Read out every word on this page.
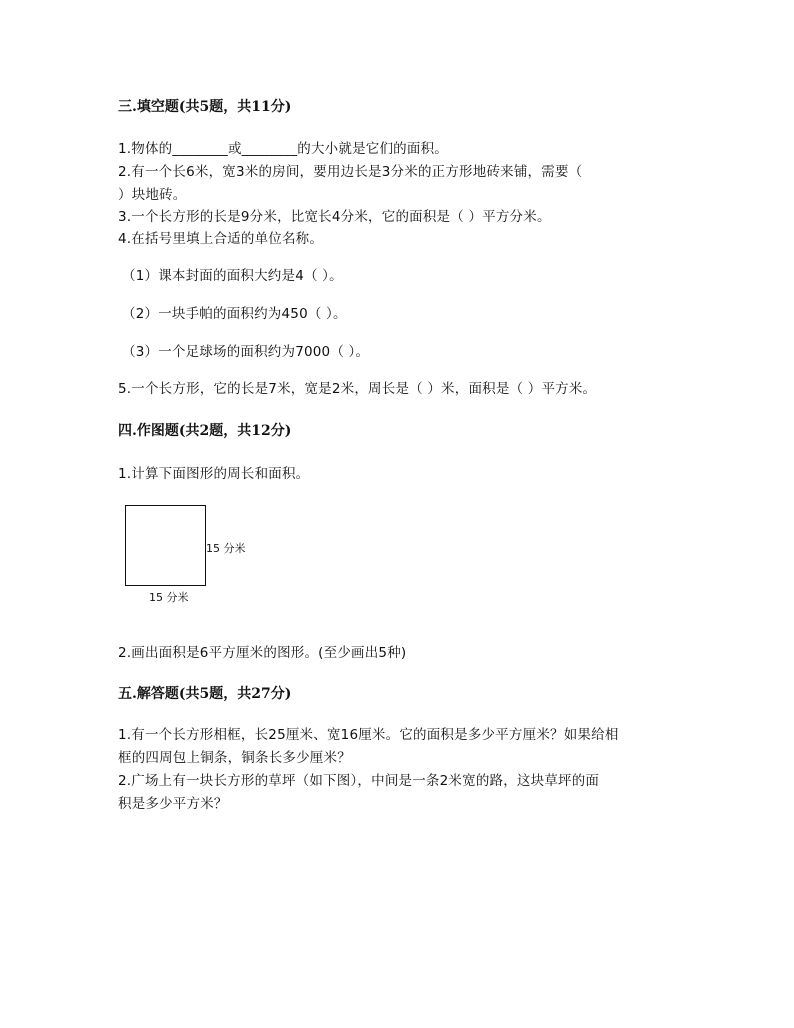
三.填空题(共5题，共11分)
1.物体的________或________的大小就是它们的面积。
2.有一个长6米，宽3米的房间，要用边长是3分米的正方形地砖来铺，需要（
）块地砖。
3.一个长方形的长是9分米，比宽长4分米，它的面积是（ ）平方分米。
4.在括号里填上合适的单位名称。
（1）课本封面的面积大约是4（ ）。
（2）一块手帕的面积约为450（ ）。
（3）一个足球场的面积约为7000（ ）。
5.一个长方形，它的长是7米，宽是2米，周长是（ ）米，面积是（ ）平方米。
四.作图题(共2题，共12分)
1.计算下面图形的周长和面积。
15 分米
15 分米
2.画出面积是6平方厘米的图形。(至少画出5种)
五.解答题(共5题，共27分)
1.有一个长方形相框，长25厘米、宽16厘米。它的面积是多少平方厘米？如果给相
框的四周包上铜条，铜条长多少厘米？
2.广场上有一块长方形的草坪（如下图），中间是一条2米宽的路，这块草坪的面
积是多少平方米？
